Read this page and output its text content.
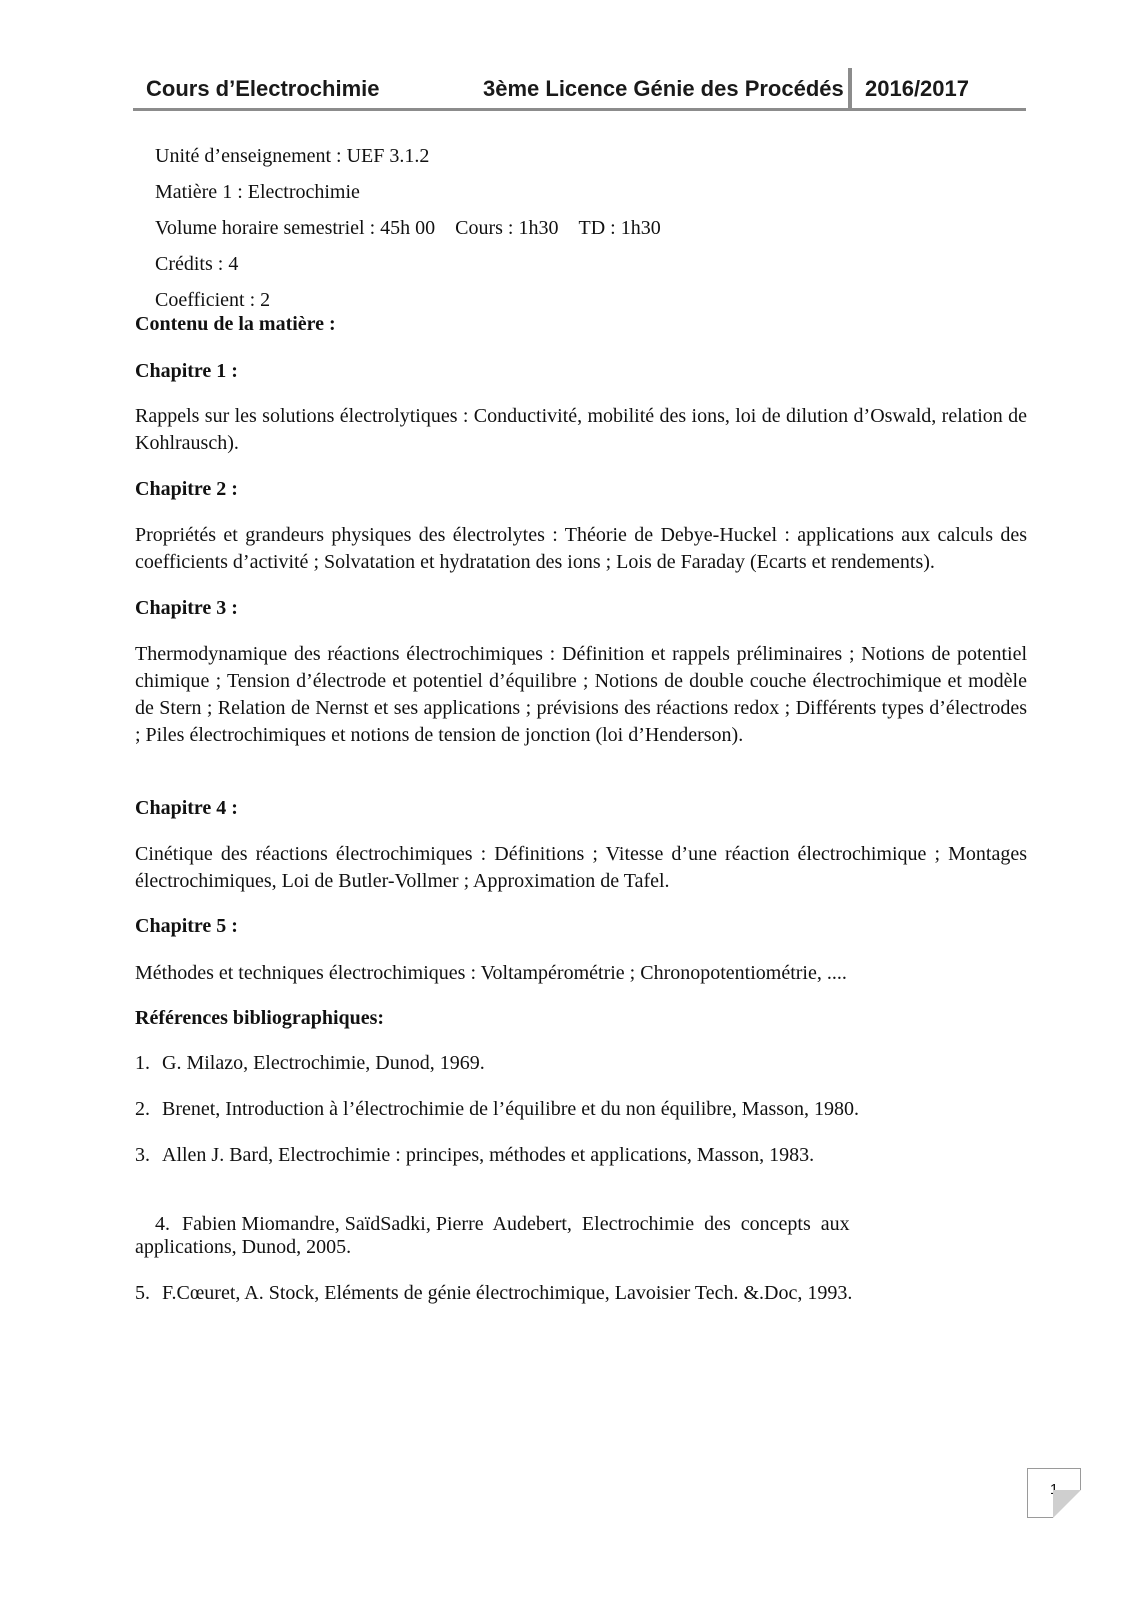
Cours d’Electrochimie	3ème Licence Génie des Procédés 2016/2017
Unité d’enseignement : UEF 3.1.2
Matière 1 : Electrochimie
Volume horaire semestriel : 45h 00 Cours : 1h30 TD : 1h30
Crédits : 4
Coefficient : 2
Contenu de la matière :
Chapitre 1 :
Rappels sur les solutions électrolytiques : Conductivité, mobilité des ions, loi de dilution d’Oswald, relation de Kohlrausch).
Chapitre 2 :
Propriétés et grandeurs physiques des électrolytes : Théorie de Debye-Huckel : applications aux calculs des coefficients d’activité ; Solvatation et hydratation des ions ; Lois de Faraday (Ecarts et rendements).
Chapitre 3 :
Thermodynamique des réactions électrochimiques : Définition et rappels préliminaires ; Notions de potentiel chimique ; Tension d’électrode et potentiel d’équilibre ; Notions de double couche électrochimique et modèle de Stern ; Relation de Nernst et ses applications ; prévisions des réactions redox ; Différents types d’électrodes ; Piles électrochimiques et notions de tension de jonction (loi d’Henderson).
Chapitre 4 :
Cinétique des réactions électrochimiques : Définitions ; Vitesse d’une réaction électrochimique ; Montages électrochimiques, Loi de Butler-Vollmer ; Approximation de Tafel.
Chapitre 5 :
Méthodes et techniques électrochimiques : Voltampérométrie ; Chronopotentiométrie, ....
Références bibliographiques:
1. G. Milazo, Electrochimie, Dunod, 1969.
2. Brenet, Introduction à l’électrochimie de l’équilibre et du non équilibre, Masson, 1980.
3. Allen J. Bard, Electrochimie : principes, méthodes et applications, Masson, 1983.

4. Fabien Miomandre, SaïdSadki, Pierre  Audebert,  Electrochimie  des  concepts  aux

applications, Dunod, 2005.
5. F.Cœuret, A. Stock, Eléments de génie électrochimique, Lavoisier Tech. &.Doc, 1993.
1
